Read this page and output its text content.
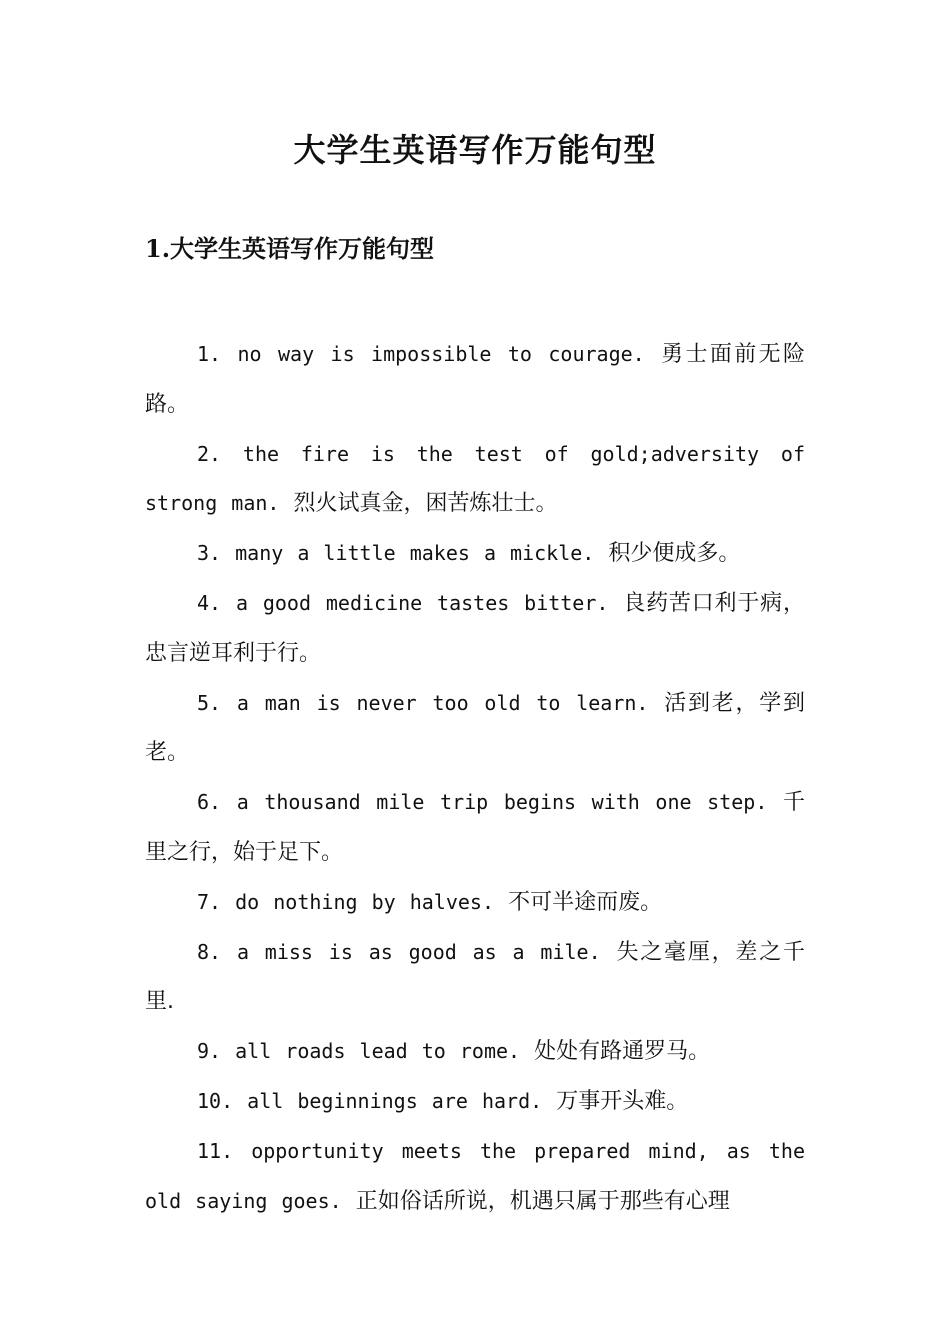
大学生英语写作万能句型
1.大学生英语写作万能句型
1. no way is impossible to courage. 勇士面前无险路。
2. the fire is the test of gold;adversity of strong man. 烈火试真金，困苦炼壮士。
3. many a little makes a mickle. 积少便成多。
4. a good medicine tastes bitter. 良药苦口利于病，忠言逆耳利于行。
5. a man is never too old to learn. 活到老，学到老。
6. a thousand mile trip begins with one step. 千里之行，始于足下。
7. do nothing by halves. 不可半途而废。
8. a miss is as good as a mile. 失之毫厘，差之千里.
9. all roads lead to rome. 处处有路通罗马。
10. all beginnings are hard. 万事开头难。
11. opportunity meets the prepared mind, as the old saying goes. 正如俗话所说，机遇只属于那些有心理
